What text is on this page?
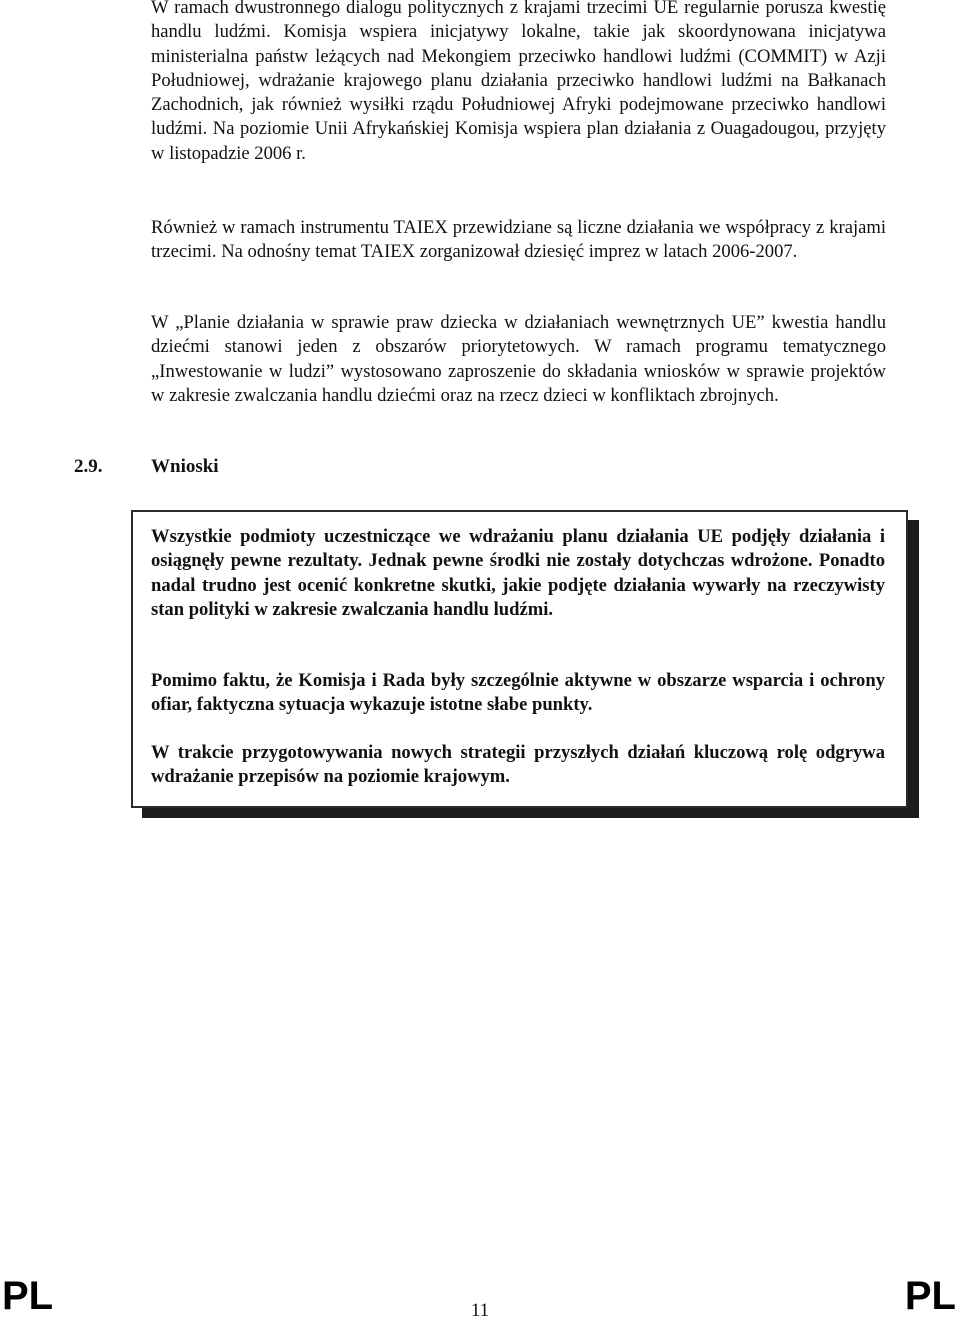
W ramach dwustronnego dialogu politycznych z krajami trzecimi UE regularnie porusza kwestię handlu ludźmi. Komisja wspiera inicjatywy lokalne, takie jak skoordynowana inicjatywa ministerialna państw leżących nad Mekongiem przeciwko handlowi ludźmi (COMMIT) w Azji Południowej, wdrażanie krajowego planu działania przeciwko handlowi ludźmi na Bałkanach Zachodnich, jak również wysiłki rządu Południowej Afryki podejmowane przeciwko handlowi ludźmi. Na poziomie Unii Afrykańskiej Komisja wspiera plan działania z Ouagadougou, przyjęty w listopadzie 2006 r.

Również w ramach instrumentu TAIEX przewidziane są liczne działania we współpracy z krajami trzecimi. Na odnośny temat TAIEX zorganizował dziesięć imprez w latach 2006-2007.

W „Planie działania w sprawie praw dziecka w działaniach wewnętrznych UE” kwestia handlu dziećmi stanowi jeden z obszarów priorytetowych. W ramach programu tematycznego „Inwestowanie w ludzi” wystosowano zaproszenie do składania wniosków w sprawie projektów w zakresie zwalczania handlu dziećmi oraz na rzecz dzieci w konfliktach zbrojnych.

2.9.	Wnioski

Wszystkie podmioty uczestniczące we wdrażaniu planu działania UE podjęły działania i osiągnęły pewne rezultaty. Jednak pewne środki nie zostały dotychczas wdrożone. Ponadto nadal trudno jest ocenić konkretne skutki, jakie podjęte działania wywarły na rzeczywisty stan polityki w zakresie zwalczania handlu ludźmi.

Pomimo faktu, że Komisja i Rada były szczególnie aktywne w obszarze wsparcia i ochrony ofiar, faktyczna sytuacja wykazuje istotne słabe punkty.

W trakcie przygotowywania nowych strategii przyszłych działań kluczową rolę odgrywa wdrażanie przepisów na poziomie krajowym.

PL	11	PL
